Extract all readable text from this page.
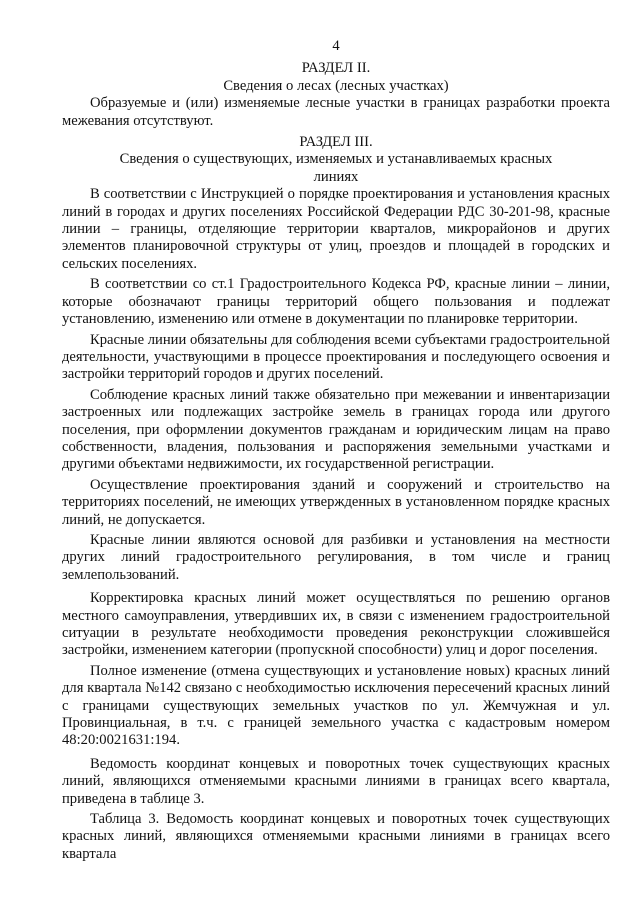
4

РАЗДЕЛ II.

Сведения о лесах (лесных участках)

Образуемые и (или) изменяемые лесные участки в границах разработки проекта межевания отсутствуют.

РАЗДЕЛ III.

Сведения о существующих, изменяемых и устанавливаемых красных линиях

В соответствии с Инструкцией о порядке проектирования и установления красных линий в городах и других поселениях Российской Федерации РДС 30-201-98, красные линии – границы, отделяющие территории кварталов, микрорайонов и других элементов планировочной структуры от улиц, проездов и площадей в городских и сельских поселениях.

В соответствии со ст.1 Градостроительного Кодекса РФ, красные линии – линии, которые обозначают границы территорий общего пользования и подлежат установлению, изменению или отмене в документации по планировке территории.

Красные линии обязательны для соблюдения всеми субъектами градостроительной деятельности, участвующими в процессе проектирования и последующего освоения и застройки территорий городов и других поселений.

Соблюдение красных линий также обязательно при межевании и инвентаризации застроенных или подлежащих застройке земель в границах города или другого поселения, при оформлении документов гражданам и юридическим лицам на право собственности, владения, пользования и распоряжения земельными участками и другими объектами недвижимости, их государственной регистрации.

Осуществление проектирования зданий и сооружений и строительство на территориях поселений, не имеющих утвержденных в установленном порядке красных линий, не допускается.

Красные линии являются основой для разбивки и установления на местности других линий градостроительного регулирования, в том числе и границ землепользований.

Корректировка красных линий может осуществляться по решению органов местного самоуправления, утвердивших их, в связи с изменением градостроительной ситуации в результате необходимости проведения реконструкции сложившейся застройки, изменением категории (пропускной способности) улиц и дорог поселения.

Полное изменение (отмена существующих и установление новых) красных линий для квартала №142 связано с необходимостью исключения пересечений красных линий с границами существующих земельных участков по ул. Жемчужная и ул. Провинциальная, в т.ч. с границей земельного участка с кадастровым номером 48:20:0021631:194.

Ведомость координат концевых и поворотных точек существующих красных линий, являющихся отменяемыми красными линиями в границах всего квартала, приведена в таблице 3.

Таблица 3. Ведомость координат концевых и поворотных точек существующих красных линий, являющихся отменяемыми красными линиями в границах всего квартала
